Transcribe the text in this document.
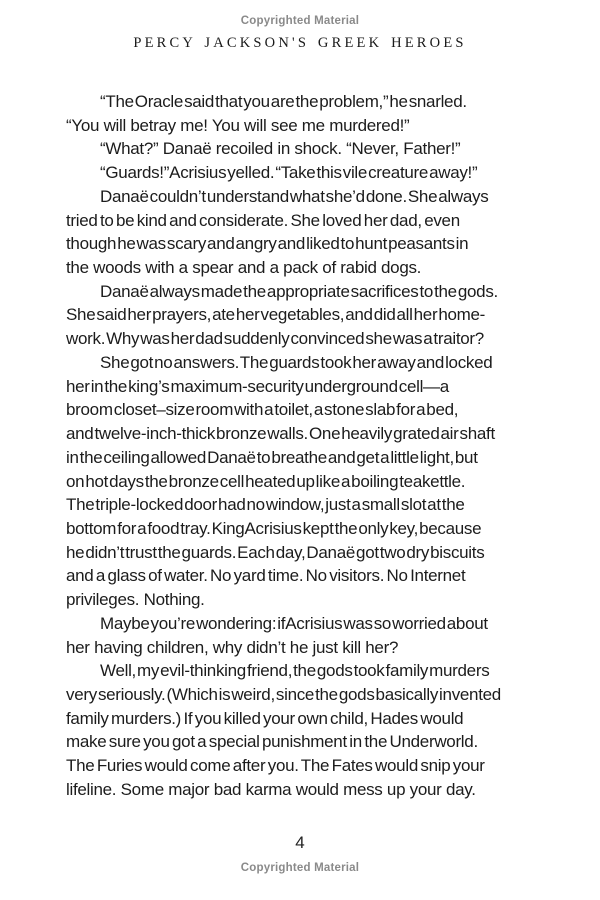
Copyrighted Material
PERCY JACKSON'S GREEK HEROES
“The Oracle said that you are the problem,” he snarled.
“You will betray me! You will see me murdered!”
“What?” Danaë recoiled in shock. “Never, Father!”
“Guards!” Acrisius yelled. “Take this vile creature away!”
Danaë couldn’t understand what she’d done. She always
tried to be kind and considerate. She loved her dad, even
though he was scary and angry and liked to hunt peasants in
the woods with a spear and a pack of rabid dogs.
Danaë always made the appropriate sacrifices to the gods.
She said her prayers, ate her vegetables, and did all her home-
work. Why was her dad suddenly convinced she was a traitor?
She got no answers. The guards took her away and locked
her in the king’s maximum-security underground cell—a
broom closet–size room with a toilet, a stone slab for a bed,
and twelve-inch-thick bronze walls. One heavily grated air shaft
in the ceiling allowed Danaë to breathe and get a little light, but
on hot days the bronze cell heated up like a boiling teakettle.
The triple-locked door had no window, just a small slot at the
bottom for a food tray. King Acrisius kept the only key, because
he didn’t trust the guards. Each day, Danaë got two dry biscuits
and a glass of water. No yard time. No visitors. No Internet
privileges. Nothing.
Maybe you’re wondering: if Acrisius was so worried about
her having children, why didn’t he just kill her?
Well, my evil-thinking friend, the gods took family murders
very seriously. (Which is weird, since the gods basically invented
family murders.) If you killed your own child, Hades would
make sure you got a special punishment in the Underworld.
The Furies would come after you. The Fates would snip your
lifeline. Some major bad karma would mess up your day.
4
Copyrighted Material
